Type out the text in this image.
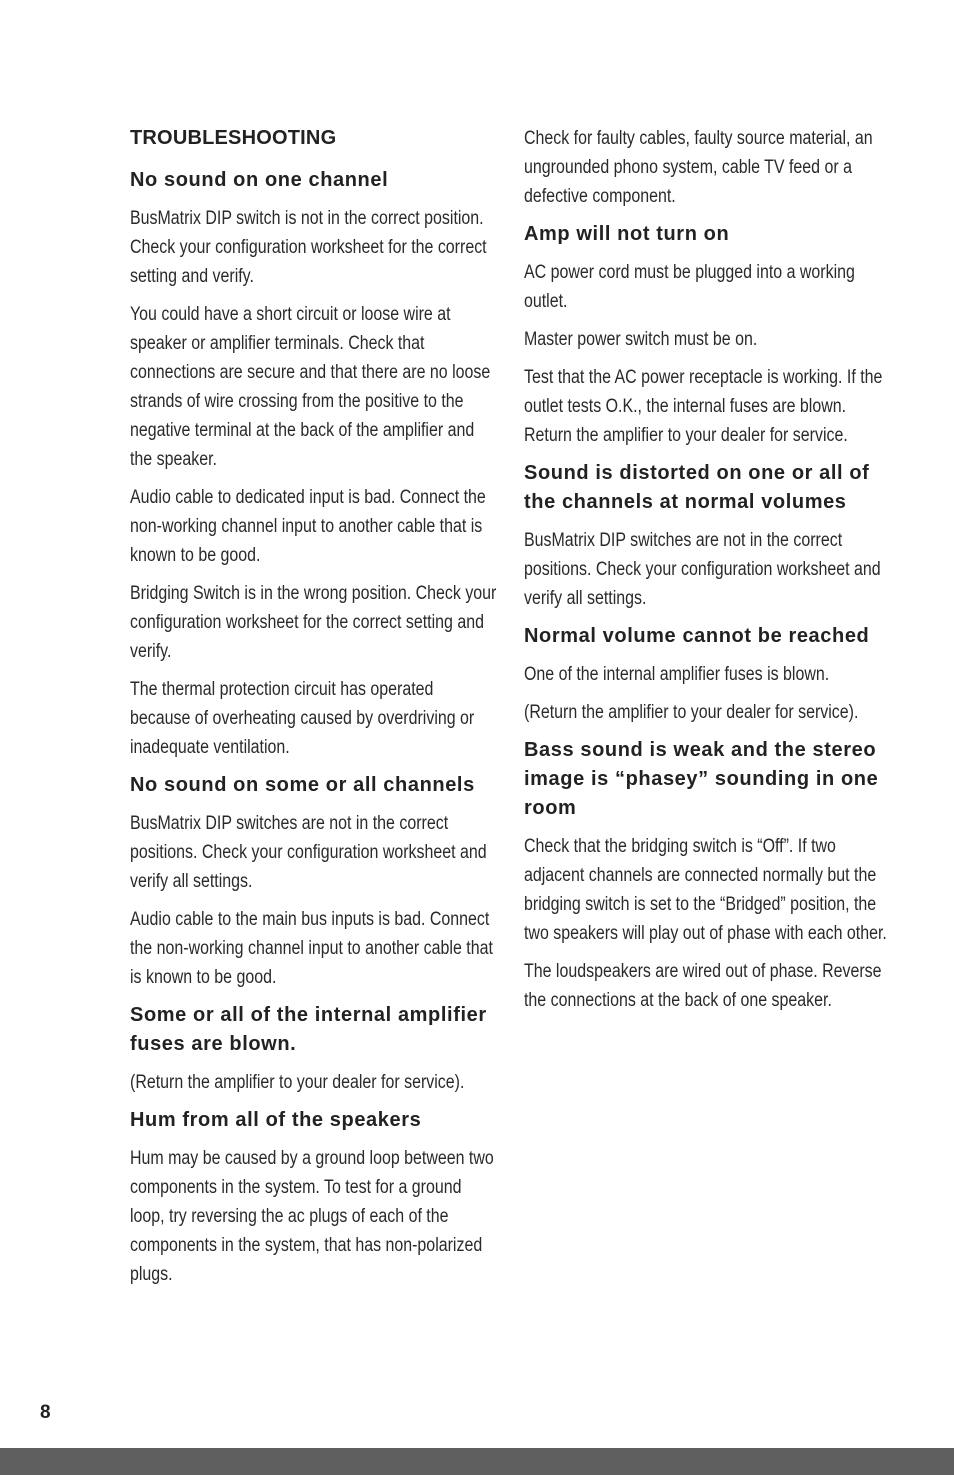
TROUBLESHOOTING
No sound on one channel

BusMatrix DIP switch is not in the correct position. Check your configuration worksheet for the correct setting and verify.

You could have a short circuit or loose wire at speaker or amplifier terminals. Check that connections are secure and that there are no loose strands of wire crossing from the positive to the negative terminal at the back of the amplifier and the speaker.

Audio cable to dedicated input is bad. Connect the non-working channel input to another cable that is known to be good.

Bridging Switch is in the wrong position. Check your configuration worksheet for the correct setting and verify.

The thermal protection circuit has operated because of overheating caused by overdriving or inadequate ventilation.

No sound on some or all channels

BusMatrix DIP switches are not in the correct positions. Check your configuration worksheet and verify all settings.

Audio cable to the main bus inputs is bad. Connect the non-working channel input to another cable that is known to be good.

Some or all of the internal amplifier fuses are blown.

(Return the amplifier to your dealer for service).

Hum from all of the speakers

Hum may be caused by a ground loop between two components in the system. To test for a ground loop, try reversing the ac plugs of each of the components in the system, that has non-polarized plugs.

Check for faulty cables, faulty source material, an ungrounded phono system, cable TV feed or a defective component.

Amp will not turn on

AC power cord must be plugged into a working outlet.

Master power switch must be on.

Test that the AC power receptacle is working. If the outlet tests O.K., the internal fuses are blown. Return the amplifier to your dealer for service.

Sound is distorted on one or all of the channels at normal volumes

BusMatrix DIP switches are not in the correct positions. Check your configuration worksheet and verify all settings.

Normal volume cannot be reached

One of the internal amplifier fuses is blown.

(Return the amplifier to your dealer for service).

Bass sound is weak and the stereo image is “phasey” sounding in one room

Check that the bridging switch is “Off”. If two adjacent channels are connected normally but the bridging switch is set to the “Bridged” position, the two speakers will play out of phase with each other.

The loudspeakers are wired out of phase. Reverse the connections at the back of one speaker.

8
